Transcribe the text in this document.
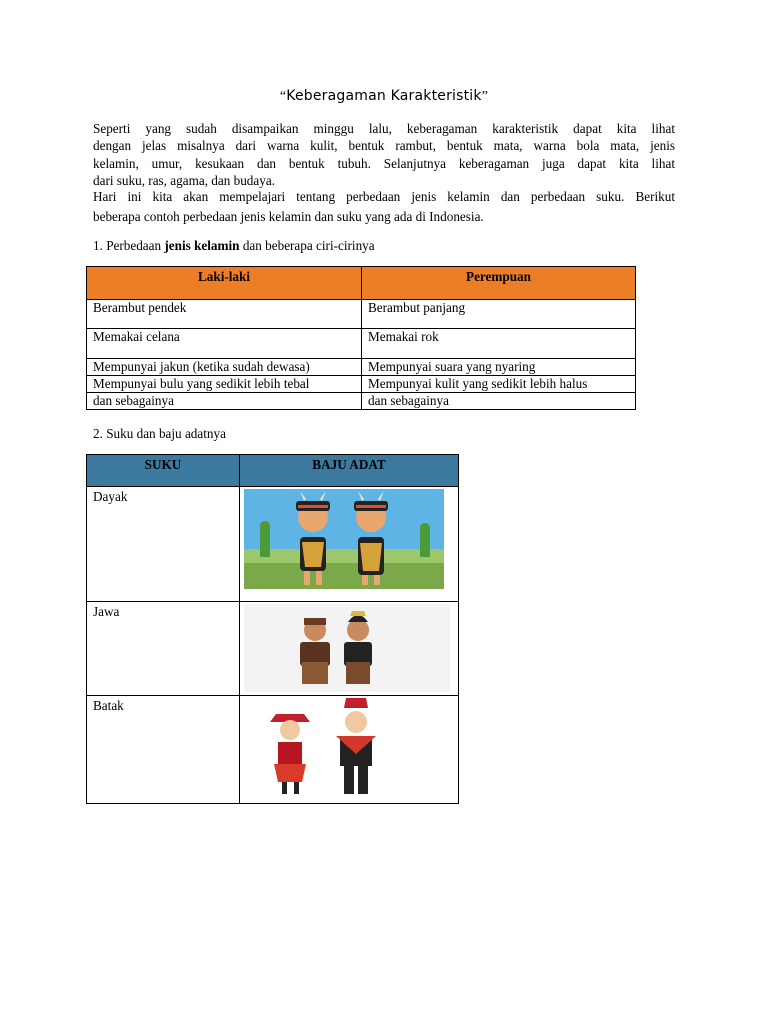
“Keberagaman Karakteristik”
Seperti yang sudah disampaikan minggu lalu, keberagaman karakteristik dapat kita lihat
dengan jelas misalnya dari warna kulit, bentuk rambut, bentuk mata, warna bola mata, jenis
kelamin, umur, kesukaan dan bentuk tubuh. Selanjutnya keberagaman juga dapat kita lihat
dari suku, ras, agama, dan budaya.
Hari ini kita akan mempelajari tentang perbedaan jenis kelamin dan perbedaan suku. Berikut
beberapa contoh perbedaan jenis kelamin dan suku yang ada di Indonesia.
1. Perbedaan jenis kelamin dan beberapa ciri-cirinya
Laki-laki	Perempuan
Berambut pendek	Berambut panjang
Memakai celana	Memakai rok
Mempunyai jakun (ketika sudah dewasa)	Mempunyai suara yang nyaring
Mempunyai bulu yang sedikit lebih tebal	Mempunyai kulit yang sedikit lebih halus
dan sebagainya	dan sebagainya
2. Suku dan baju adatnya
SUKU	BAJU ADAT
Dayak	

Jawa	

Batak	
